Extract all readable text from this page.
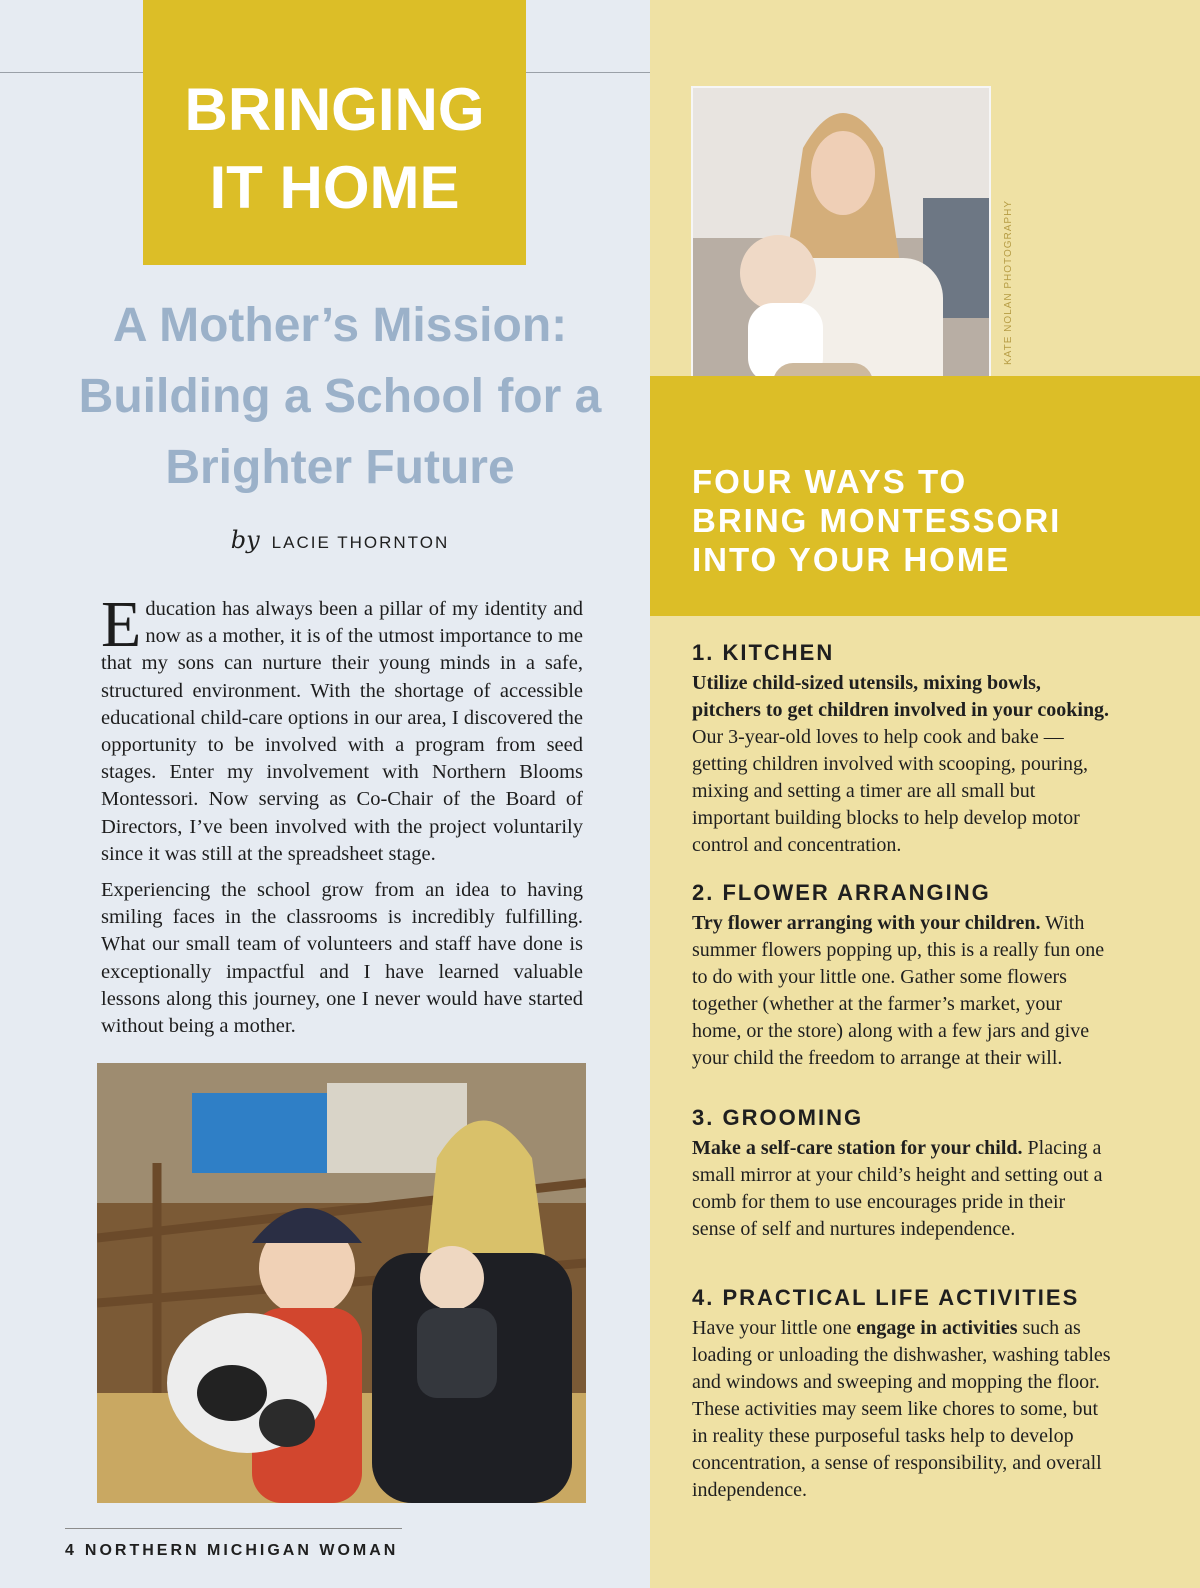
BRINGING
IT HOME
A Mother’s Mission:
Building a School for a
Brighter Future
by LACIE THORNTON

Education has always been a pillar of my identity and now as a mother, it is of the utmost importance to me that my sons can nurture their young minds in a safe, structured environment. With the shortage of accessible educational child-care options in our area, I discovered the opportunity to be involved with a program from seed stages. Enter my involvement with Northern Blooms Montessori. Now serving as Co-Chair of the Board of Directors, I’ve been involved with the project voluntarily since it was still at the spreadsheet stage.

Experiencing the school grow from an idea to having smiling faces in the classrooms is incredibly fulfilling. What our small team of volunteers and staff have done is exceptionally impactful and I have learned valuable lessons along this journey, one I never would have started without being a mother.

KATE NOLAN PHOTOGRAPHY
FOUR WAYS TO
BRING MONTESSORI
INTO YOUR HOME
1. KITCHEN

Utilize child-sized utensils, mixing bowls, pitchers to get children involved in your cooking. Our 3-year-old loves to help cook and bake — getting children involved with scooping, pouring, mixing and setting a timer are all small but important building blocks to help develop motor control and concentration.

2. FLOWER ARRANGING

Try flower arranging with your children. With summer flowers popping up, this is a really fun one to do with your little one. Gather some flowers together (whether at the farmer’s market, your home, or the store) along with a few jars and give your child the freedom to arrange at their will.

3. GROOMING

Make a self-care station for your child. Placing a small mirror at your child’s height and setting out a comb for them to use encourages pride in their sense of self and nurtures independence.

4. PRACTICAL LIFE ACTIVITIES

Have your little one engage in activities such as loading or unloading the dishwasher, washing tables and windows and sweeping and mopping the floor. These activities may seem like chores to some, but in reality these purposeful tasks help to develop concentration, a sense of responsibility, and overall independence.

4 NORTHERN MICHIGAN WOMAN
